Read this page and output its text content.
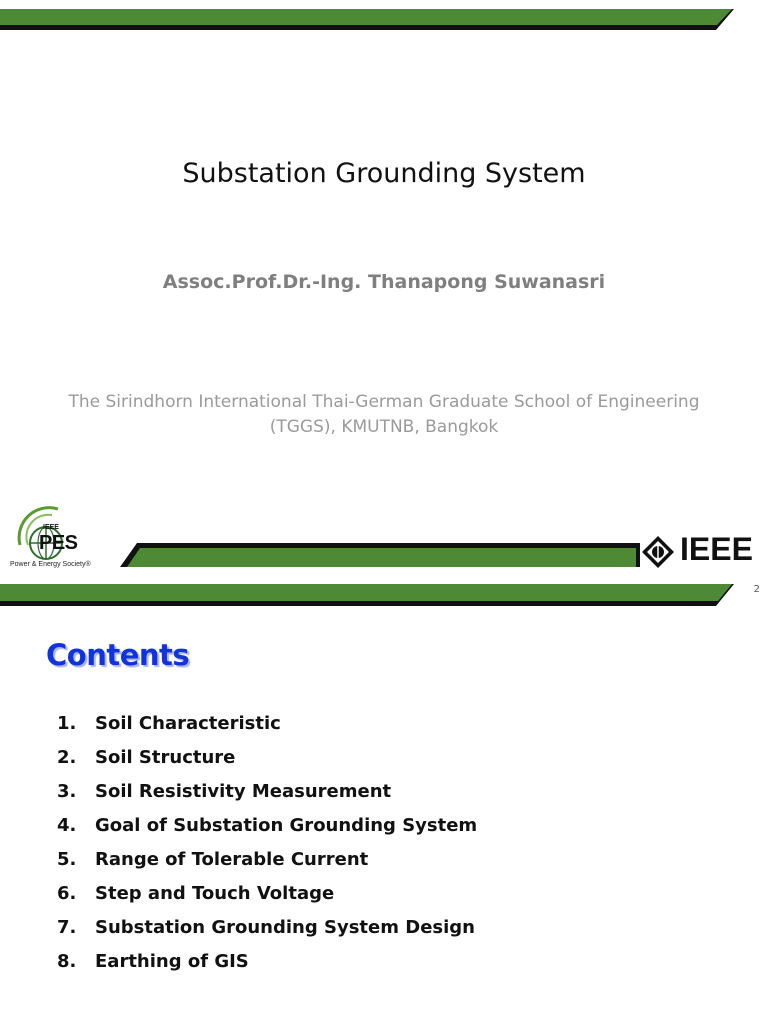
Substation Grounding System
Assoc.Prof.Dr.-Ing. Thanapong Suwanasri
The Sirindhorn International Thai-German Graduate School of Engineering
(TGGS), KMUTNB, Bangkok
IEEE
PES
Power & Energy Society®	IEEE
2
Contents
1.	Soil Characteristic
2.	Soil Structure
3.	Soil Resistivity Measurement
4.	Goal of Substation Grounding System
5.	Range of Tolerable Current
6.	Step and Touch Voltage
7.	Substation Grounding System Design
8.	Earthing of GIS
